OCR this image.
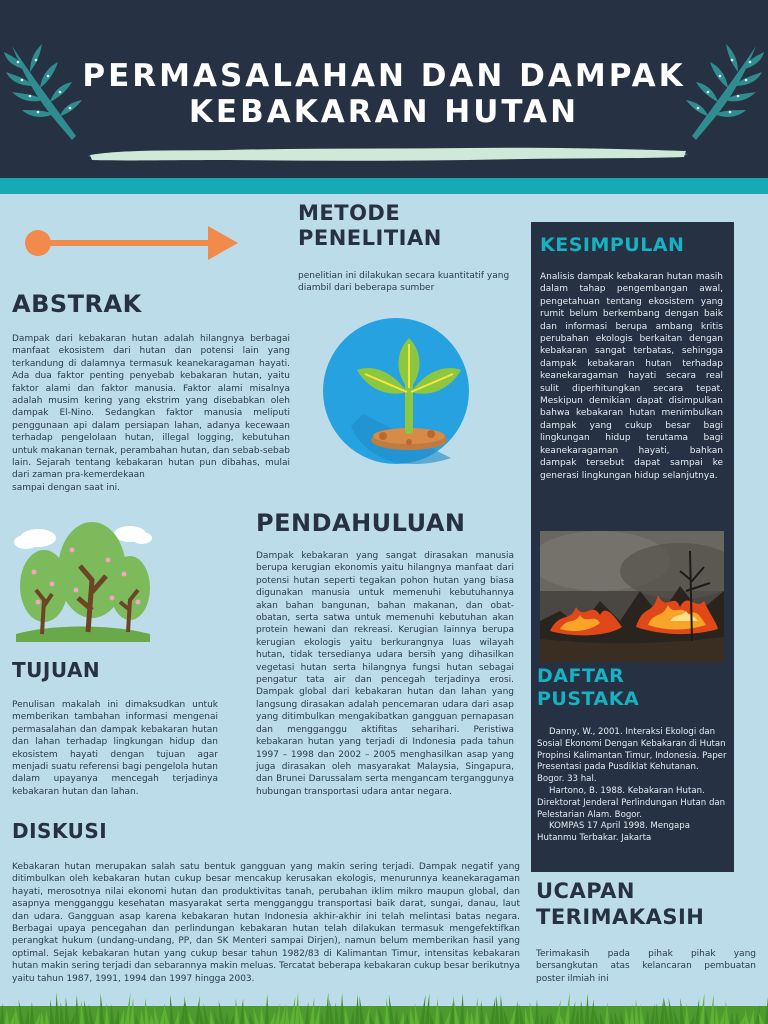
PERMASALAHAN DAN DAMPAK
KEBAKARAN HUTAN
METODE
PENELITIAN
penelitian ini dilakukan secara kuantitatif yang diambil dari beberapa sumber
ABSTRAK
Dampak dari kebakaran hutan adalah hilangnya berbagai manfaat ekosistem dari hutan dan potensi lain yang terkandung di dalamnya termasuk keanekaragaman hayati. Ada dua faktor penting penyebab kebakaran hutan, yaitu faktor alami dan faktor manusia. Faktor alami misalnya adalah musim kering yang ekstrim yang disebabkan oleh dampak El-Nino. Sedangkan faktor manusia meliputi penggunaan api dalam persiapan lahan, adanya kecewaan terhadap pengelolaan hutan, illegal logging, kebutuhan untuk makanan ternak, perambahan hutan, dan sebab-sebab lain. Sejarah tentang kebakaran hutan pun dibahas, mulai dari zaman pra-kemerdekaan
sampai dengan saat ini.
TUJUAN
Penulisan makalah ini dimaksudkan untuk memberikan tambahan informasi mengenai permasalahan dan dampak kebakaran hutan dan lahan terhadap lingkungan hidup dan ekosistem hayati dengan tujuan agar menjadi suatu referensi bagi pengelola hutan dalam upayanya mencegah terjadinya kebakaran hutan dan lahan.
PENDAHULUAN
Dampak kebakaran yang sangat dirasakan manusia berupa kerugian ekonomis yaitu hilangnya manfaat dari potensi hutan seperti tegakan pohon hutan yang biasa digunakan manusia untuk memenuhi kebutuhannya akan bahan bangunan, bahan makanan, dan obat-obatan, serta satwa untuk memenuhi kebutuhan akan protein hewani dan rekreasi. Kerugian lainnya berupa kerugian ekologis yaitu berkurangnya luas wilayah hutan, tidak tersedianya udara bersih yang dihasilkan vegetasi hutan serta hilangnya fungsi hutan sebagai pengatur tata air dan pencegah terjadinya erosi. Dampak global dari kebakaran hutan dan lahan yang langsung dirasakan adalah pencemaran udara dari asap yang ditimbulkan mengakibatkan gangguan pernapasan dan mengganggu aktifitas seharihari. Peristiwa kebakaran hutan yang terjadi di Indonesia pada tahun 1997 – 1998 dan 2002 – 2005 menghasilkan asap yang juga dirasakan oleh masyarakat Malaysia, Singapura, dan Brunei Darussalam serta mengancam terganggunya hubungan transportasi udara antar negara.
DISKUSI
Kebakaran hutan merupakan salah satu bentuk gangguan yang makin sering terjadi. Dampak negatif yang ditimbulkan oleh kebakaran hutan cukup besar mencakup kerusakan ekologis, menurunnya keanekaragaman hayati, merosotnya nilai ekonomi hutan dan produktivitas tanah, perubahan iklim mikro maupun global, dan asapnya mengganggu kesehatan masyarakat serta mengganggu transportasi baik darat, sungai, danau, laut dan udara. Gangguan asap karena kebakaran hutan Indonesia akhir-akhir ini telah melintasi batas negara. Berbagai upaya pencegahan dan perlindungan kebakaran hutan telah dilakukan termasuk mengefektifkan perangkat hukum (undang-undang, PP, dan SK Menteri sampai Dirjen), namun belum memberikan hasil yang optimal. Sejak kebakaran hutan yang cukup besar tahun 1982/83 di Kalimantan Timur, intensitas kebakaran hutan makin sering terjadi dan sebarannya makin meluas. Tercatat beberapa kebakaran cukup besar berikutnya yaitu tahun 1987, 1991, 1994 dan 1997 hingga 2003.
KESIMPULAN
Analisis dampak kebakaran hutan masih dalam tahap pengembangan awal, pengetahuan tentang ekosistem yang rumit belum berkembang dengan baik dan informasi berupa ambang kritis perubahan ekologis berkaitan dengan kebakaran sangat terbatas, sehingga dampak kebakaran hutan terhadap keanekaragaman hayati secara real sulit diperhitungkan secara tepat. Meskipun demikian dapat disimpulkan bahwa kebakaran hutan menimbulkan dampak yang cukup besar bagi lingkungan hidup terutama bagi keanekaragaman hayati, bahkan dampak tersebut dapat sampai ke generasi lingkungan hidup selanjutnya.
DAFTAR
PUSTAKA
Danny, W., 2001. Interaksi Ekologi dan Sosial Ekonomi Dengan Kebakaran di Hutan Propinsi Kalimantan Timur, Indonesia. Paper Presentasi pada Pusdiklat Kehutanan. Bogor. 33 hal.
Hartono, B. 1988. Kebakaran Hutan. Direktorat Jenderal Perlindungan Hutan dan Pelestarian Alam. Bogor.
KOMPAS 17 April 1998. Mengapa Hutanmu Terbakar. Jakarta
UCAPAN
TERIMAKASIH
Terimakasih pada pihak pihak yang bersangkutan atas kelancaran pembuatan poster ilmiah ini
